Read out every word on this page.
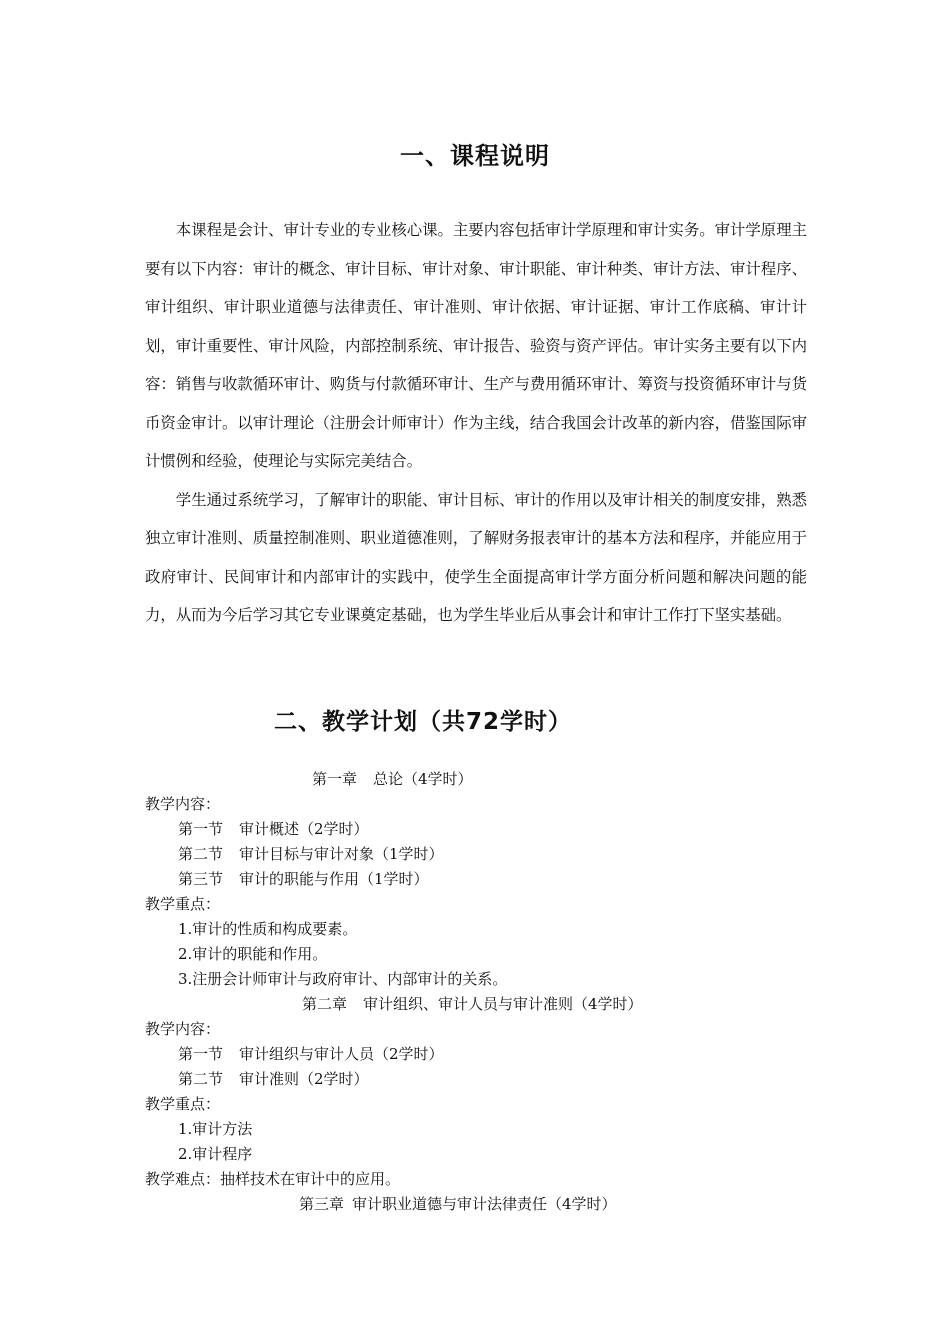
一、课程说明

本课程是会计、审计专业的专业核心课。主要内容包括审计学原理和审计实务。审计学原理主要有以下内容：审计的概念、审计目标、审计对象、审计职能、审计种类、审计方法、审计程序、审计组织、审计职业道德与法律责任、审计准则、审计依据、审计证据、审计工作底稿、审计计划，审计重要性、审计风险，内部控制系统、审计报告、验资与资产评估。审计实务主要有以下内容：销售与收款循环审计、购货与付款循环审计、生产与费用循环审计、筹资与投资循环审计与货币资金审计。以审计理论（注册会计师审计）作为主线，结合我国会计改革的新内容，借鉴国际审计惯例和经验，使理论与实际完美结合。

学生通过系统学习，了解审计的职能、审计目标、审计的作用以及审计相关的制度安排，熟悉独立审计准则、质量控制准则、职业道德准则，了解财务报表审计的基本方法和程序，并能应用于政府审计、民间审计和内部审计的实践中，使学生全面提高审计学方面分析问题和解决问题的能力，从而为今后学习其它专业课奠定基础，也为学生毕业后从事会计和审计工作打下坚实基础。

二、教学计划（共72学时）
第一章 总论（4学时）
教学内容：
第一节 审计概述（2学时）
第二节 审计目标与审计对象（1学时）
第三节 审计的职能与作用（1学时）
教学重点：
1.审计的性质和构成要素。
2.审计的职能和作用。
3.注册会计师审计与政府审计、内部审计的关系。
第二章 审计组织、审计人员与审计准则（4学时）
教学内容：
第一节 审计组织与审计人员（2学时）
第二节 审计准则（2学时）
教学重点：
1.审计方法
2.审计程序
教学难点：抽样技术在审计中的应用。
第三章 审计职业道德与审计法律责任（4学时）
